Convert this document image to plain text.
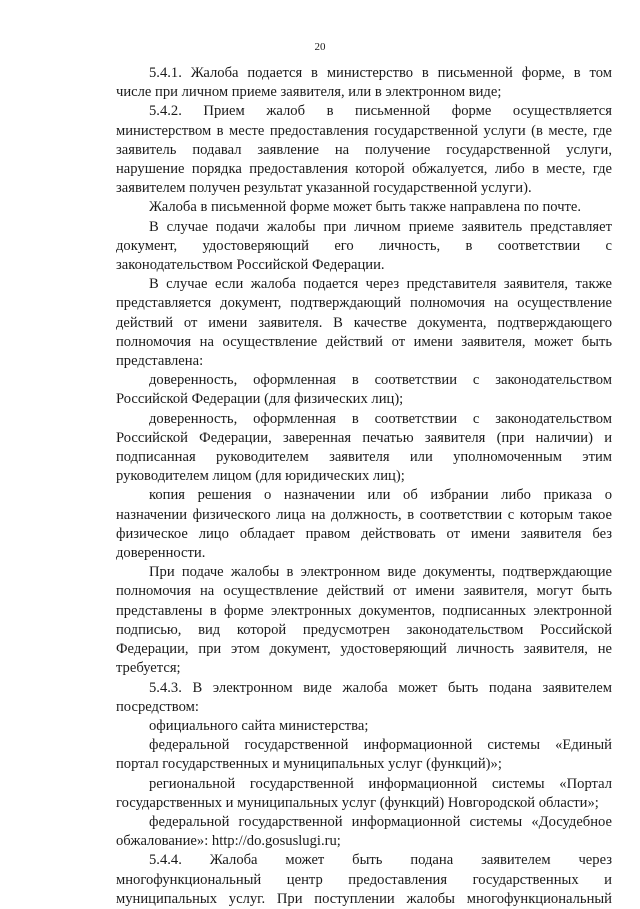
20

5.4.1. Жалоба подается в министерство в письменной форме, в том
числе при личном приеме заявителя, или в электронном виде;

5.4.2. Прием жалоб в письменной форме осуществляется
министерством в месте предоставления государственной услуги (в месте, где
заявитель подавал заявление на получение государственной услуги,
нарушение порядка предоставления которой обжалуется, либо в месте, где
заявителем получен результат указанной государственной услуги).

Жалоба в письменной форме может быть также направлена по почте.

В случае подачи жалобы при личном приеме заявитель представляет
документ, удостоверяющий его личность, в соответствии с
законодательством Российской Федерации.

В случае если жалоба подается через представителя заявителя, также
представляется документ, подтверждающий полномочия на осуществление
действий от имени заявителя. В качестве документа, подтверждающего
полномочия на осуществление действий от имени заявителя, может быть
представлена:

доверенность, оформленная в соответствии с законодательством
Российской Федерации (для физических лиц);

доверенность, оформленная в соответствии с законодательством
Российской Федерации, заверенная печатью заявителя (при наличии) и
подписанная руководителем заявителя или уполномоченным этим
руководителем лицом (для юридических лиц);

копия решения о назначении или об избрании либо приказа о
назначении физического лица на должность, в соответствии с которым такое
физическое лицо обладает правом действовать от имени заявителя без
доверенности.

При подаче жалобы в электронном виде документы, подтверждающие
полномочия на осуществление действий от имени заявителя, могут быть
представлены в форме электронных документов, подписанных электронной
подписью, вид которой предусмотрен законодательством Российской
Федерации, при этом документ, удостоверяющий личность заявителя, не
требуется;

5.4.3. В электронном виде жалоба может быть подана заявителем
посредством:

официального сайта министерства;

федеральной государственной информационной системы «Единый
портал государственных и муниципальных услуг (функций)»;

региональной государственной информационной системы «Портал
государственных и муниципальных услуг (функций) Новгородской области»;

федеральной государственной информационной системы «Досудебное
обжалование»: http://do.gosuslugi.ru;

5.4.4. Жалоба может быть подана заявителем через
многофункциональный центр предоставления государственных и
муниципальных услуг. При поступлении жалобы многофункциональный
